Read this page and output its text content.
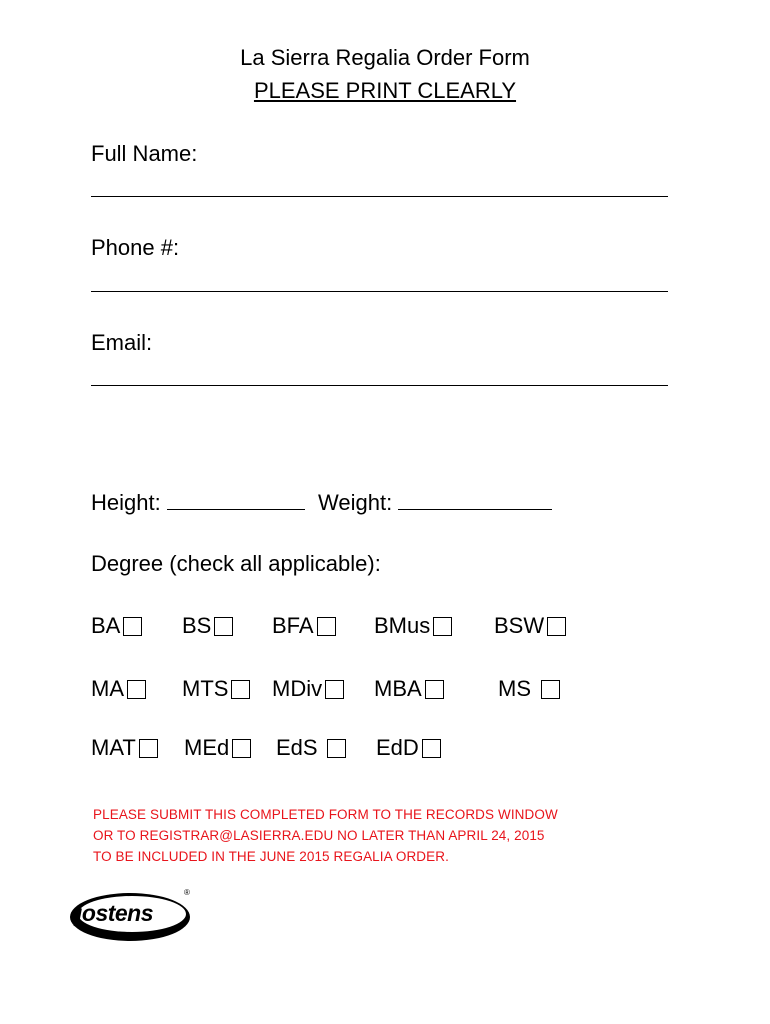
La Sierra Regalia Order Form
PLEASE PRINT CLEARLY
Full Name:
Phone #:
Email:
Height:	Weight:
Degree (check all applicable):
BA	BS	BFA	BMus	BSW
MA	MTS MDiv MBA	MS
MAT MEd EdS	EdD
PLEASE SUBMIT THIS COMPLETED FORM TO THE RECORDS WINDOW
OR TO REGISTRAR@LASIERRA.EDU NO LATER THAN APRIL 24, 2015
TO BE INCLUDED IN THE JUNE 2015 REGALIA ORDER.
jostens
®
